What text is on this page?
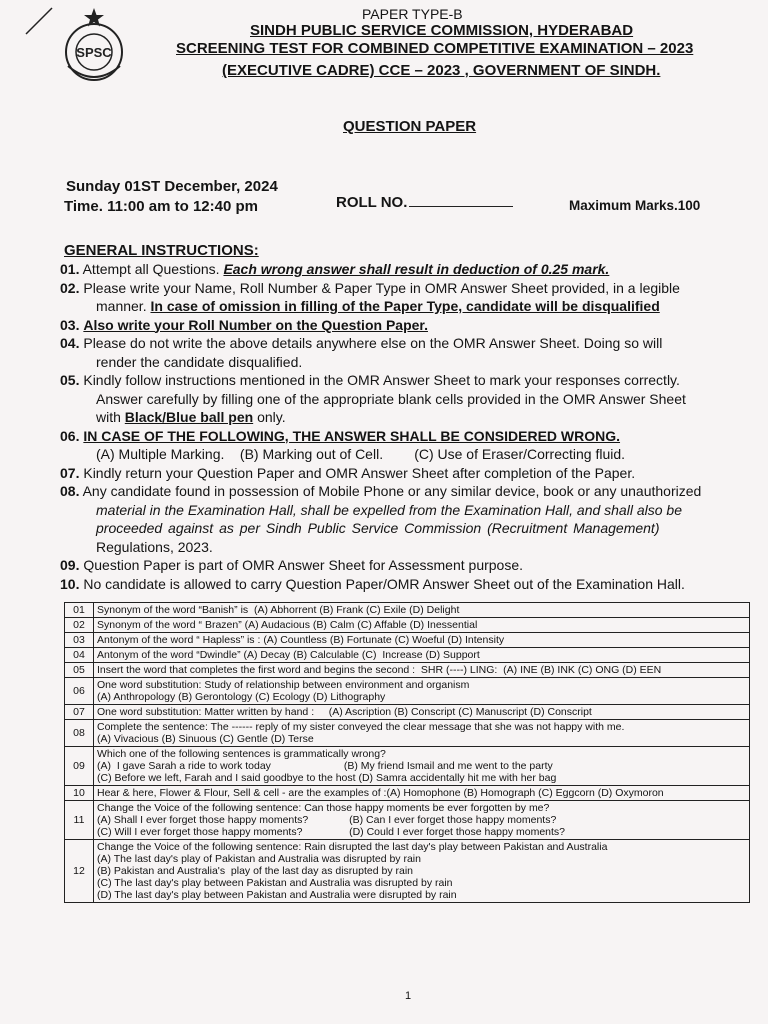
SPSC
PAPER TYPE-B
SINDH PUBLIC SERVICE COMMISSION, HYDERABAD
SCREENING TEST FOR COMBINED COMPETITIVE EXAMINATION – 2023
(EXECUTIVE CADRE) CCE – 2023 , GOVERNMENT OF SINDH.
QUESTION PAPER
Sunday 01ST December, 2024
Time. 11:00 am to 12:40 pm	ROLL NO.	Maximum Marks.100
GENERAL INSTRUCTIONS:

01. Attempt all Questions. Each wrong answer shall result in deduction of 0.25 mark.

02. Please write your Name, Roll Number & Paper Type in OMR Answer Sheet provided, in a legible

manner. In case of omission in filling of the Paper Type, candidate will be disqualified

03. Also write your Roll Number on the Question Paper.

04. Please do not write the above details anywhere else on the OMR Answer Sheet. Doing so will

render the candidate disqualified.

05. Kindly follow instructions mentioned in the OMR Answer Sheet to mark your responses correctly.

Answer carefully by filling one of the appropriate blank cells provided in the OMR Answer Sheet

with Black/Blue ball pen only.

06. IN CASE OF THE FOLLOWING, THE ANSWER SHALL BE CONSIDERED WRONG.

(A) Multiple Marking.    (B) Marking out of Cell.        (C) Use of Eraser/Correcting fluid.

07. Kindly return your Question Paper and OMR Answer Sheet after completion of the Paper.

08. Any candidate found in possession of Mobile Phone or any similar device, book or any unauthorized

material in the Examination Hall, shall be expelled from the Examination Hall, and shall also be

proceeded against as per Sindh Public Service Commission (Recruitment Management)

Regulations, 2023.

09. Question Paper is part of OMR Answer Sheet for Assessment purpose.

10. No candidate is allowed to carry Question Paper/OMR Answer Sheet out of the Examination Hall.

01	Synonym of the word “Banish” is  (A) Abhorrent (B) Frank (C) Exile (D) Delight

02	Synonym of the word “ Brazen” (A) Audacious (B) Calm (C) Affable (D) Inessential

03	Antonym of the word “ Hapless” is : (A) Countless (B) Fortunate (C) Woeful (D) Intensity

04	Antonym of the word “Dwindle” (A) Decay (B) Calculable (C)  Increase (D) Support

05	Insert the word that completes the first word and begins the second :  SHR (----) LING:  (A) INE (B) INK (C) ONG (D) EEN

06	One word substitution: Study of relationship between environment and organism
(A) Anthropology (B) Gerontology (C) Ecology (D) Lithography

07	One word substitution: Matter written by hand :     (A) Ascription (B) Conscript (C) Manuscript (D) Conscript

08	Complete the sentence: The ------ reply of my sister conveyed the clear message that she was not happy with me.
(A) Vivacious (B) Sinuous (C) Gentle (D) Terse

09	Which one of the following sentences is grammatically wrong?
(A)  I gave Sarah a ride to work today                         (B) My friend Ismail and me went to the party
(C) Before we left, Farah and I said goodbye to the host (D) Samra accidentally hit me with her bag

10	Hear & here, Flower & Flour, Sell & cell - are the examples of :(A) Homophone (B) Homograph (C) Eggcorn (D) Oxymoron

11	Change the Voice of the following sentence: Can those happy moments be ever forgotten by me?
(A) Shall I ever forget those happy moments?              (B) Can I ever forget those happy moments?
(C) Will I ever forget those happy moments?                (D) Could I ever forget those happy moments?

12	Change the Voice of the following sentence: Rain disrupted the last day's play between Pakistan and Australia
(A) The last day's play of Pakistan and Australia was disrupted by rain
(B) Pakistan and Australia's  play of the last day as disrupted by rain
(C) The last day's play between Pakistan and Australia was disrupted by rain
(D) The last day's play between Pakistan and Australia were disrupted by rain
1
